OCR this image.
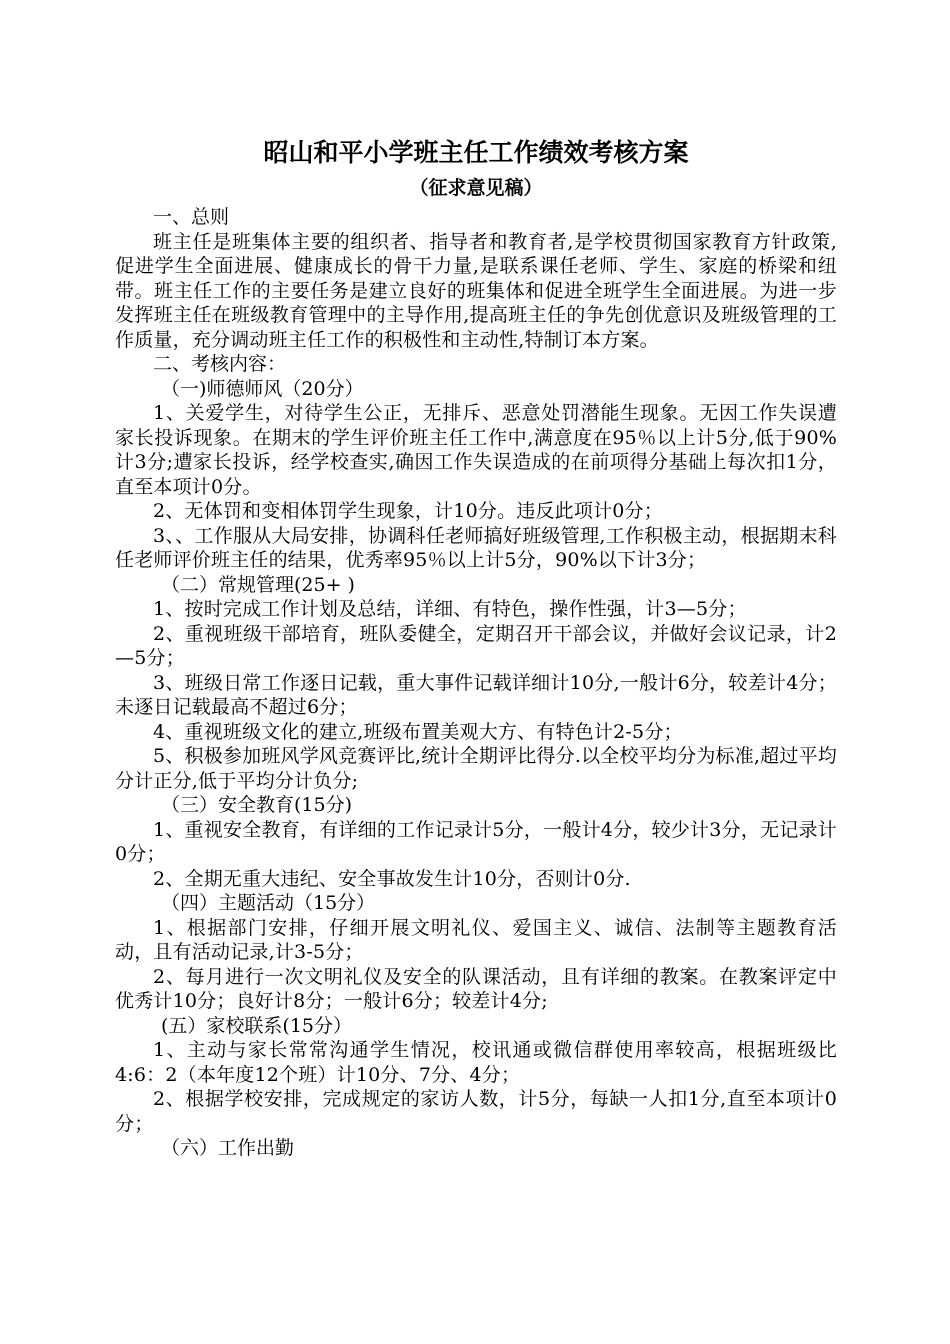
昭山和平小学班主任工作绩效考核方案
（征求意见稿）

一、总则

班主任是班集体主要的组织者、指导者和教育者,是学校贯彻国家教育方针政策,促进学生全面进展、健康成长的骨干力量,是联系课任老师、学生、家庭的桥梁和纽带。班主任工作的主要任务是建立良好的班集体和促进全班学生全面进展。为进一步发挥班主任在班级教育管理中的主导作用,提高班主任的争先创优意识及班级管理的工作质量，充分调动班主任工作的积极性和主动性,特制订本方案。

二、考核内容：

（一)师德师风（20分）

1、关爱学生，对待学生公正，无排斥、恶意处罚潜能生现象。无因工作失误遭家长投诉现象。在期末的学生评价班主任工作中,满意度在95％以上计5分,低于90%计3分;遭家长投诉，经学校查实,确因工作失误造成的在前项得分基础上每次扣1分，直至本项计0分。

2、无体罚和变相体罚学生现象，计10分。违反此项计0分；

3、、工作服从大局安排，协调科任老师搞好班级管理,工作积极主动，根据期末科任老师评价班主任的结果，优秀率95％以上计5分，90%以下计3分；

（二）常规管理(25+ )

1、按时完成工作计划及总结，详细、有特色，操作性强，计3—5分；

2、重视班级干部培育，班队委健全，定期召开干部会议，并做好会议记录，计2—5分；

3、班级日常工作逐日记载，重大事件记载详细计10分,一般计6分，较差计4分；未逐日记载最高不超过6分；

4、重视班级文化的建立,班级布置美观大方、有特色计2-5分；

5、积极参加班风学风竞赛评比,统计全期评比得分.以全校平均分为标准,超过平均分计正分,低于平均分计负分;

（三）安全教育(15分)

1、重视安全教育，有详细的工作记录计5分，一般计4分，较少计3分，无记录计0分；

2、全期无重大违纪、安全事故发生计10分，否则计0分.

（四）主题活动（15分）

1、根据部门安排，仔细开展文明礼仪、爱国主义、诚信、法制等主题教育活动，且有活动记录,计3-5分；

2、每月进行一次文明礼仪及安全的队课活动，且有详细的教案。在教案评定中优秀计10分；良好计8分；一般计6分；较差计4分;

(五）家校联系(15分）

1、主动与家长常常沟通学生情况，校讯通或微信群使用率较高，根据班级比4:6：2（本年度12个班）计10分、7分、4分；

2、根据学校安排，完成规定的家访人数，计5分，每缺一人扣1分,直至本项计0分；

（六）工作出勤
